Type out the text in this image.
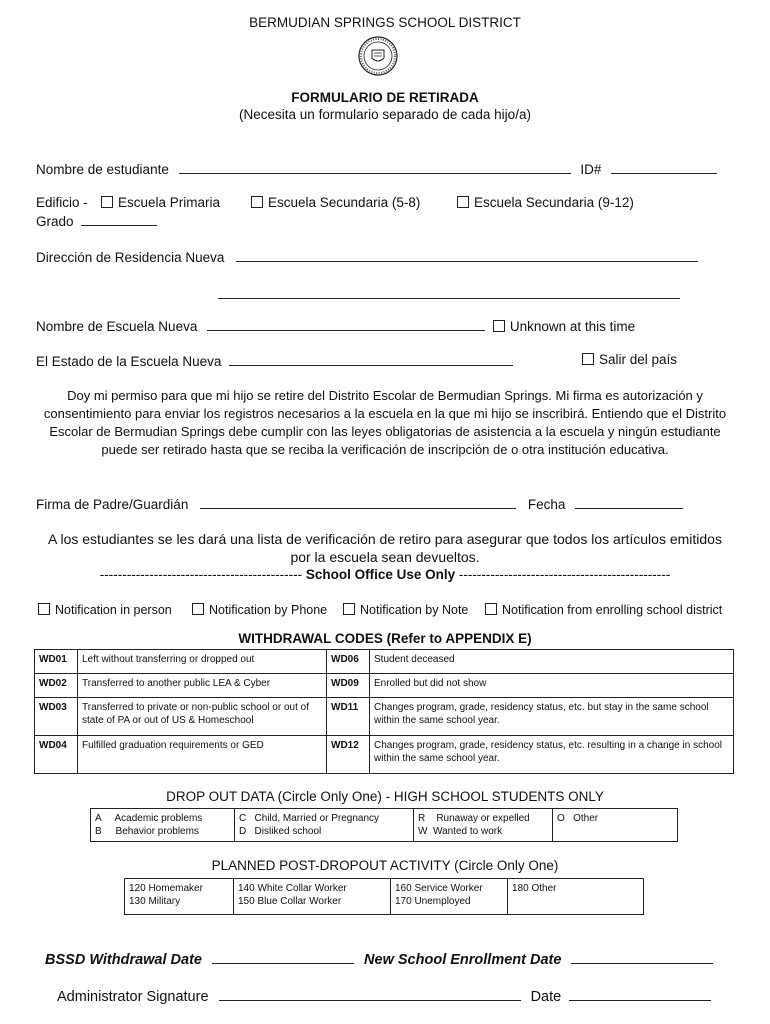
BERMUDIAN SPRINGS SCHOOL DISTRICT
FORMULARIO DE RETIRADA
(Necesita un formulario separado de cada hijo/a)
Nombre de estudiante	ID#
Edificio -	Escuela Primaria	Escuela Secundaria (5-8)	Escuela Secundaria (9-12)
Grado
Dirección de Residencia Nueva
Nombre de Escuela Nueva	Unknown at this time
El Estado de la Escuela Nueva	Salir del país
Doy mi permiso para que mi hijo se retire del Distrito Escolar de Bermudian Springs. Mi firma es autorización y consentimiento para enviar los registros necesarios a la escuela en la que mi hijo se inscribirá. Entiendo que el Distrito Escolar de Bermudian Springs debe cumplir con las leyes obligatorias de asistencia a la escuela y ningún estudiante puede ser retirado hasta que se reciba la verificación de inscripción de o otra institución educativa.
Firma de Padre/Guardián	Fecha
A los estudiantes se les dará una lista de verificación de retiro para asegurar que todos los artículos emitidos por la escuela sean devueltos.
--------------------------------------------- School Office Use Only -----------------------------------------------
Notification in person	Notification by Phone	Notification by Note	Notification from enrolling school district
WITHDRAWAL CODES (Refer to APPENDIX E)
WD01	Left without transferring or dropped out	WD06	Student deceased
WD02	Transferred to another public LEA & Cyber	WD09	Enrolled but did not show
WD03	Transferred to private or non-public school or out of state of PA or out of US & Homeschool	WD11	Changes program, grade, residency status, etc. but stay in the same school within the same school year.
WD04	Fulfilled graduation requirements or GED	WD12	Changes program, grade, residency status, etc. resulting in a change in school within the same school year.
DROP OUT DATA (Circle Only One) - HIGH SCHOOL STUDENTS ONLY
A     Academic problems
B     Behavior problems

C   Child, Married or Pregnancy
D   Disliked school

R    Runaway or expelled
W  Wanted to work

O   Other
PLANNED POST-DROPOUT ACTIVITY (Circle Only One)
120 Homemaker
130 Military

140 White Collar Worker
150 Blue Collar Worker

160 Service Worker
170 Unemployed

180 Other
BSSD Withdrawal Date	New School Enrollment Date
Administrator Signature	Date
